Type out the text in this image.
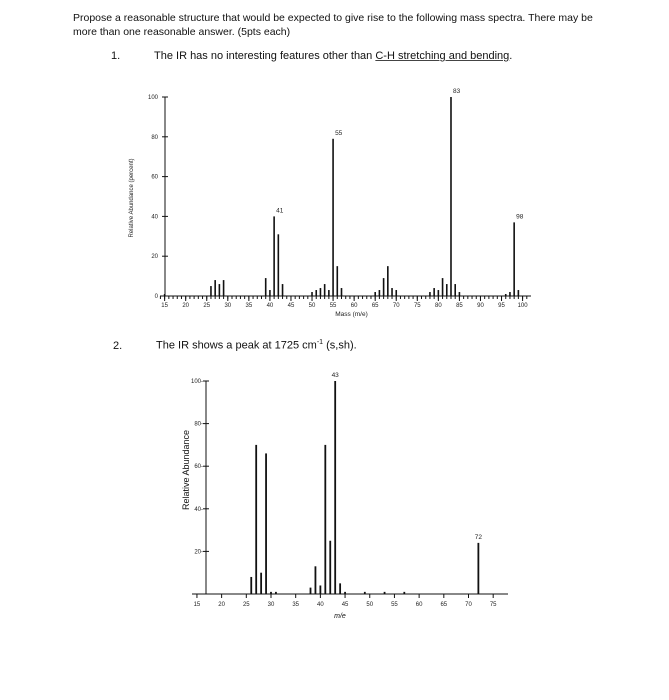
Propose a reasonable structure that would be expected to give rise to the following mass spectra. There may be more than one reasonable answer. (5pts each)

1.	The IR has no interesting features other than C-H stretching and bending.
2.	The IR shows a peak at 1725 $cm^{-1}$ (s,sh).
0
20
40
60
80
100
15 20 25 30 35 40 45 50 55 60 65 70 75 80 85 90 95 100
41
55
83
98
Mass (m/e)
Relative Abundance (percent)
20-
40-
60-
80-
100-
15	20	25	30	35	40	45	50	55	60	65	70	75
43
72
m/e
Relative Abundance
